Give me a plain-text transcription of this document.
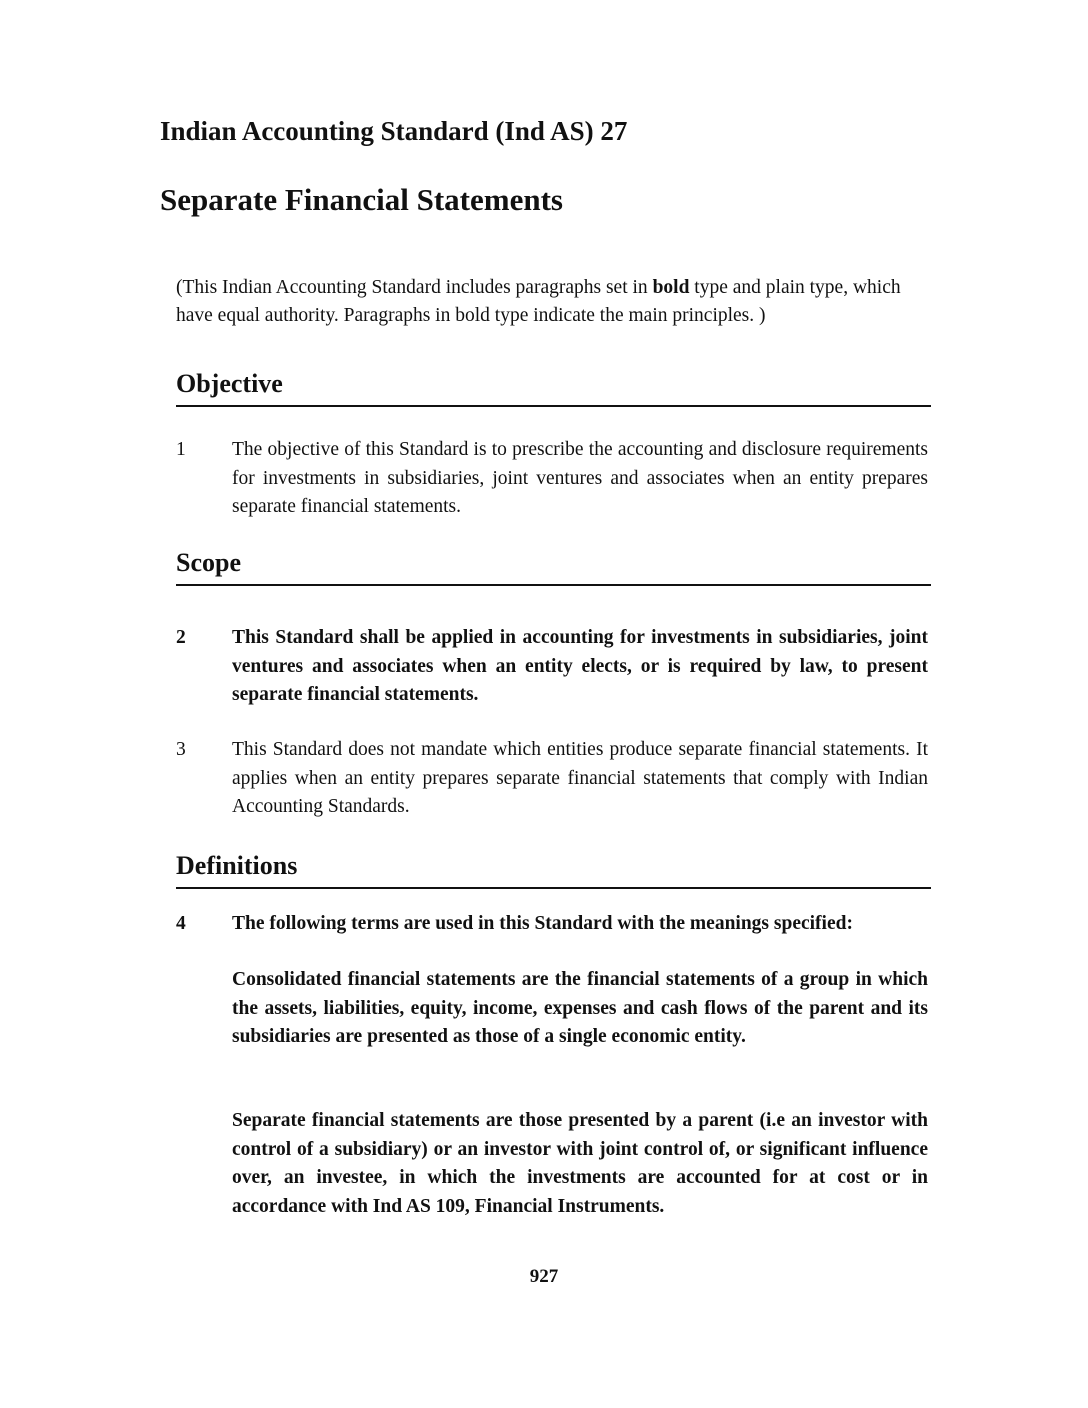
Indian Accounting Standard (Ind AS) 27
Separate Financial Statements

(This Indian Accounting Standard includes paragraphs set in bold type and plain type, which have equal authority. Paragraphs in bold type indicate the main principles. )

Objective
1 The objective of this Standard is to prescribe the accounting and disclosure requirements for investments in subsidiaries, joint ventures and associates when an entity prepares separate financial statements.
Scope
2 This Standard shall be applied in accounting for investments in subsidiaries, joint ventures and associates when an entity elects, or is required by law, to present separate financial statements.
3 This Standard does not mandate which entities produce separate financial statements. It applies when an entity prepares separate financial statements that comply with Indian Accounting Standards.
Definitions
4 The following terms are used in this Standard with the meanings specified:

Consolidated financial statements are the financial statements of a group in which the assets, liabilities, equity, income, expenses and cash flows of the parent and its subsidiaries are presented as those of a single economic entity.

Separate financial statements are those presented by a parent (i.e an investor with control of a subsidiary) or an investor with joint control of, or significant influence over, an investee, in which the investments are accounted for at cost or in accordance with Ind AS 109, Financial Instruments.

927
